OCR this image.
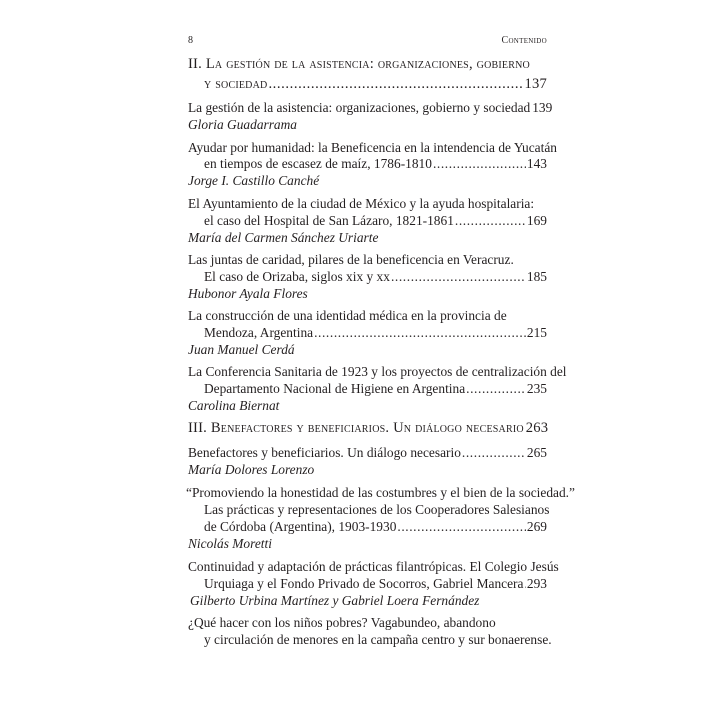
8	Contenido
II. La gestión de la asistencia: organizaciones, gobierno
y sociedad .....	137
La gestión de la asistencia: organizaciones, gobierno y sociedad 139
Gloria Guadarrama
Ayudar por humanidad: la Beneficencia en la intendencia de Yucatán
en tiempos de escasez de maíz, 1786-1810 .....	143
Jorge I. Castillo Canché
El Ayuntamiento de la ciudad de México y la ayuda hospitalaria:
el caso del Hospital de San Lázaro, 1821-1861 .....	169
María del Carmen Sánchez Uriarte
Las juntas de caridad, pilares de la beneficencia en Veracruz.
El caso de Orizaba, siglos xix y xx .....	185
Hubonor Ayala Flores
La construcción de una identidad médica en la provincia de
Mendoza, Argentina .....	215
Juan Manuel Cerdá
La Conferencia Sanitaria de 1923 y los proyectos de centralización del
Departamento Nacional de Higiene en Argentina .....	235
Carolina Biernat
III. Benefactores y beneficiarios. Un diálogo necesario 263
Benefactores y beneficiarios. Un diálogo necesario .....	265
María Dolores Lorenzo
“Promoviendo la honestidad de las costumbres y el bien de la sociedad.”
Las prácticas y representaciones de los Cooperadores Salesianos
de Córdoba (Argentina), 1903-1930 .....	269
Nicolás Moretti
Continuidad y adaptación de prácticas filantrópicas. El Colegio Jesús
Urquiaga y el Fondo Privado de Socorros, Gabriel Mancera ..... 293
Gilberto Urbina Martínez y Gabriel Loera Fernández
¿Qué hacer con los niños pobres? Vagabundeo, abandono
y circulación de menores en la campaña centro y sur bonaerense.
